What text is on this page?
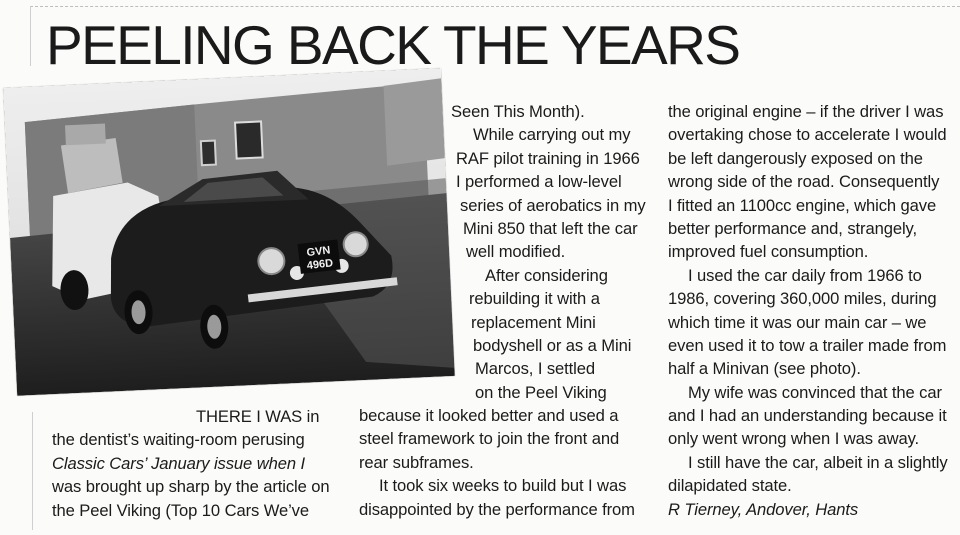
PEELING BACK THE YEARS
GVN
496D
THERE I WAS in
the dentist’s waiting-room perusing
Classic Cars’ January issue when I
was brought up sharp by the article on
the Peel Viking (Top 10 Cars We’ve
Seen This Month).
While carrying out my
RAF pilot training in 1966
I performed a low-level
series of aerobatics in my
Mini 850 that left the car
well modified.
After considering
rebuilding it with a
replacement Mini
bodyshell or as a Mini
Marcos, I settled
on the Peel Viking
because it looked better and used a
steel framework to join the front and
rear subframes.
It took six weeks to build but I was
disappointed by the performance from
the original engine – if the driver I was
overtaking chose to accelerate I would
be left dangerously exposed on the
wrong side of the road. Consequently
I fitted an 1100cc engine, which gave
better performance and, strangely,
improved fuel consumption.
I used the car daily from 1966 to
1986, covering 360,000 miles, during
which time it was our main car – we
even used it to tow a trailer made from
half a Minivan (see photo).
My wife was convinced that the car
and I had an understanding because it
only went wrong when I was away.
I still have the car, albeit in a slightly
dilapidated state.
R Tierney, Andover, Hants
